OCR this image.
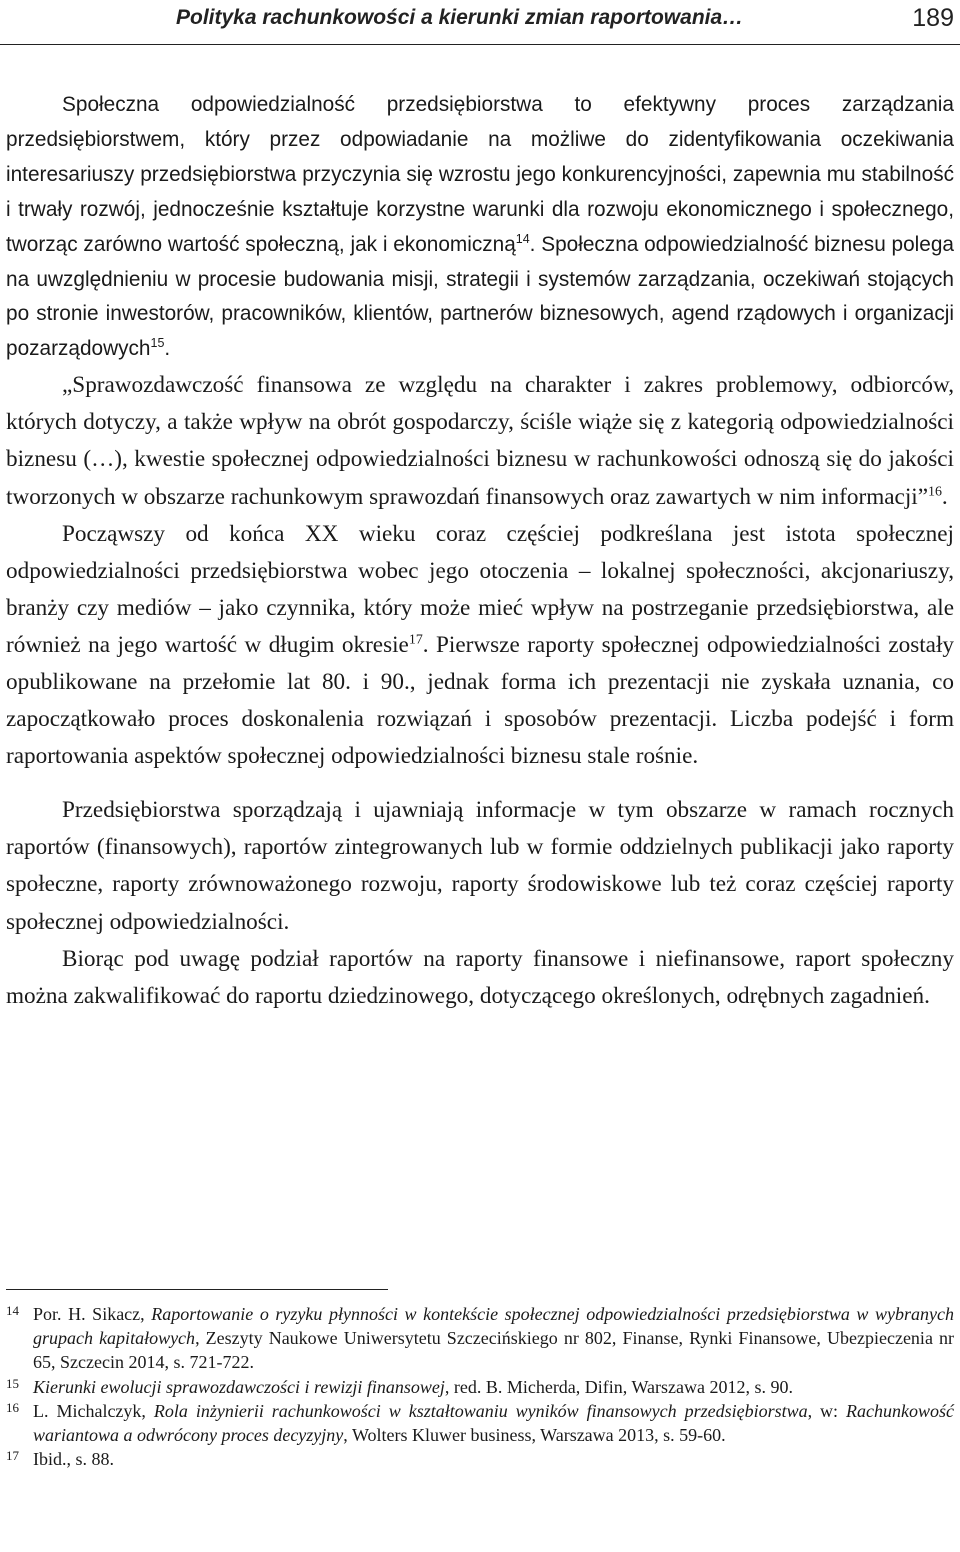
Polityka rachunkowości a kierunki zmian raportowania…	189

Społeczna odpowiedzialność przedsiębiorstwa to efektywny proces zarządzania przedsiębiorstwem, który przez odpowiadanie na możliwe do zidentyfikowania oczekiwania interesariuszy przedsiębiorstwa przyczynia się wzrostu jego konkurencyjności, zapewnia mu stabilność i trwały rozwój, jednocześnie kształtuje korzystne warunki dla rozwoju ekonomicznego i społecznego, tworząc zarówno wartość społeczną, jak i ekonomiczną$^{14}$. Społeczna odpowiedzialność biznesu polega na uwzględnieniu w procesie budowania misji, strategii i systemów zarządzania, oczekiwań stojących po stronie inwestorów, pracowników, klientów, partnerów biznesowych, agend rządowych i organizacji pozarządowych$^{15}$.

„Sprawozdawczość finansowa ze względu na charakter i zakres problemowy, odbiorców, których dotyczy, a także wpływ na obrót gospodarczy, ściśle wiąże się z kategorią odpowiedzialności biznesu (…), kwestie społecznej odpowiedzialności biznesu w rachunkowości odnoszą się do jakości tworzonych w obszarze rachunkowym sprawozdań finansowych oraz zawartych w nim informacji”$^{16}$.

Począwszy od końca XX wieku coraz częściej podkreślana jest istota społecznej odpowiedzialności przedsiębiorstwa wobec jego otoczenia – lokalnej społeczności, akcjonariuszy, branży czy mediów – jako czynnika, który może mieć wpływ na postrzeganie przedsiębiorstwa, ale również na jego wartość w długim okresie$^{17}$. Pierwsze raporty społecznej odpowiedzialności zostały opublikowane na przełomie lat 80. i 90., jednak forma ich prezentacji nie zyskała uznania, co zapoczątkowało proces doskonalenia rozwiązań i sposobów prezentacji. Liczba podejść i form raportowania aspektów społecznej odpowiedzialności biznesu stale rośnie.

Przedsiębiorstwa sporządzają i ujawniają informacje w tym obszarze w ramach rocznych raportów (finansowych), raportów zintegrowanych lub w formie oddzielnych publikacji jako raporty społeczne, raporty zrównoważonego rozwoju, raporty środowiskowe lub też coraz częściej raporty społecznej odpowiedzialności.

Biorąc pod uwagę podział raportów na raporty finansowe i niefinansowe, raport społeczny można zakwalifikować do raportu dziedzinowego, dotyczącego określonych, odrębnych zagadnień.

14 Por. H. Sikacz, Raportowanie o ryzyku płynności w kontekście społecznej odpowiedzialności przedsiębiorstwa w wybranych grupach kapitałowych, Zeszyty Naukowe Uniwersytetu Szczecińskiego nr 802, Finanse, Rynki Finansowe, Ubezpieczenia nr 65, Szczecin 2014, s. 721-722.
15 Kierunki ewolucji sprawozdawczości i rewizji finansowej, red. B. Micherda, Difin, Warszawa 2012, s. 90.
16 L. Michalczyk, Rola inżynierii rachunkowości w kształtowaniu wyników finansowych przedsiębiorstwa, w: Rachunkowość wariantowa a odwrócony proces decyzyjny, Wolters Kluwer business, Warszawa 2013, s. 59-60.
17 Ibid., s. 88.
